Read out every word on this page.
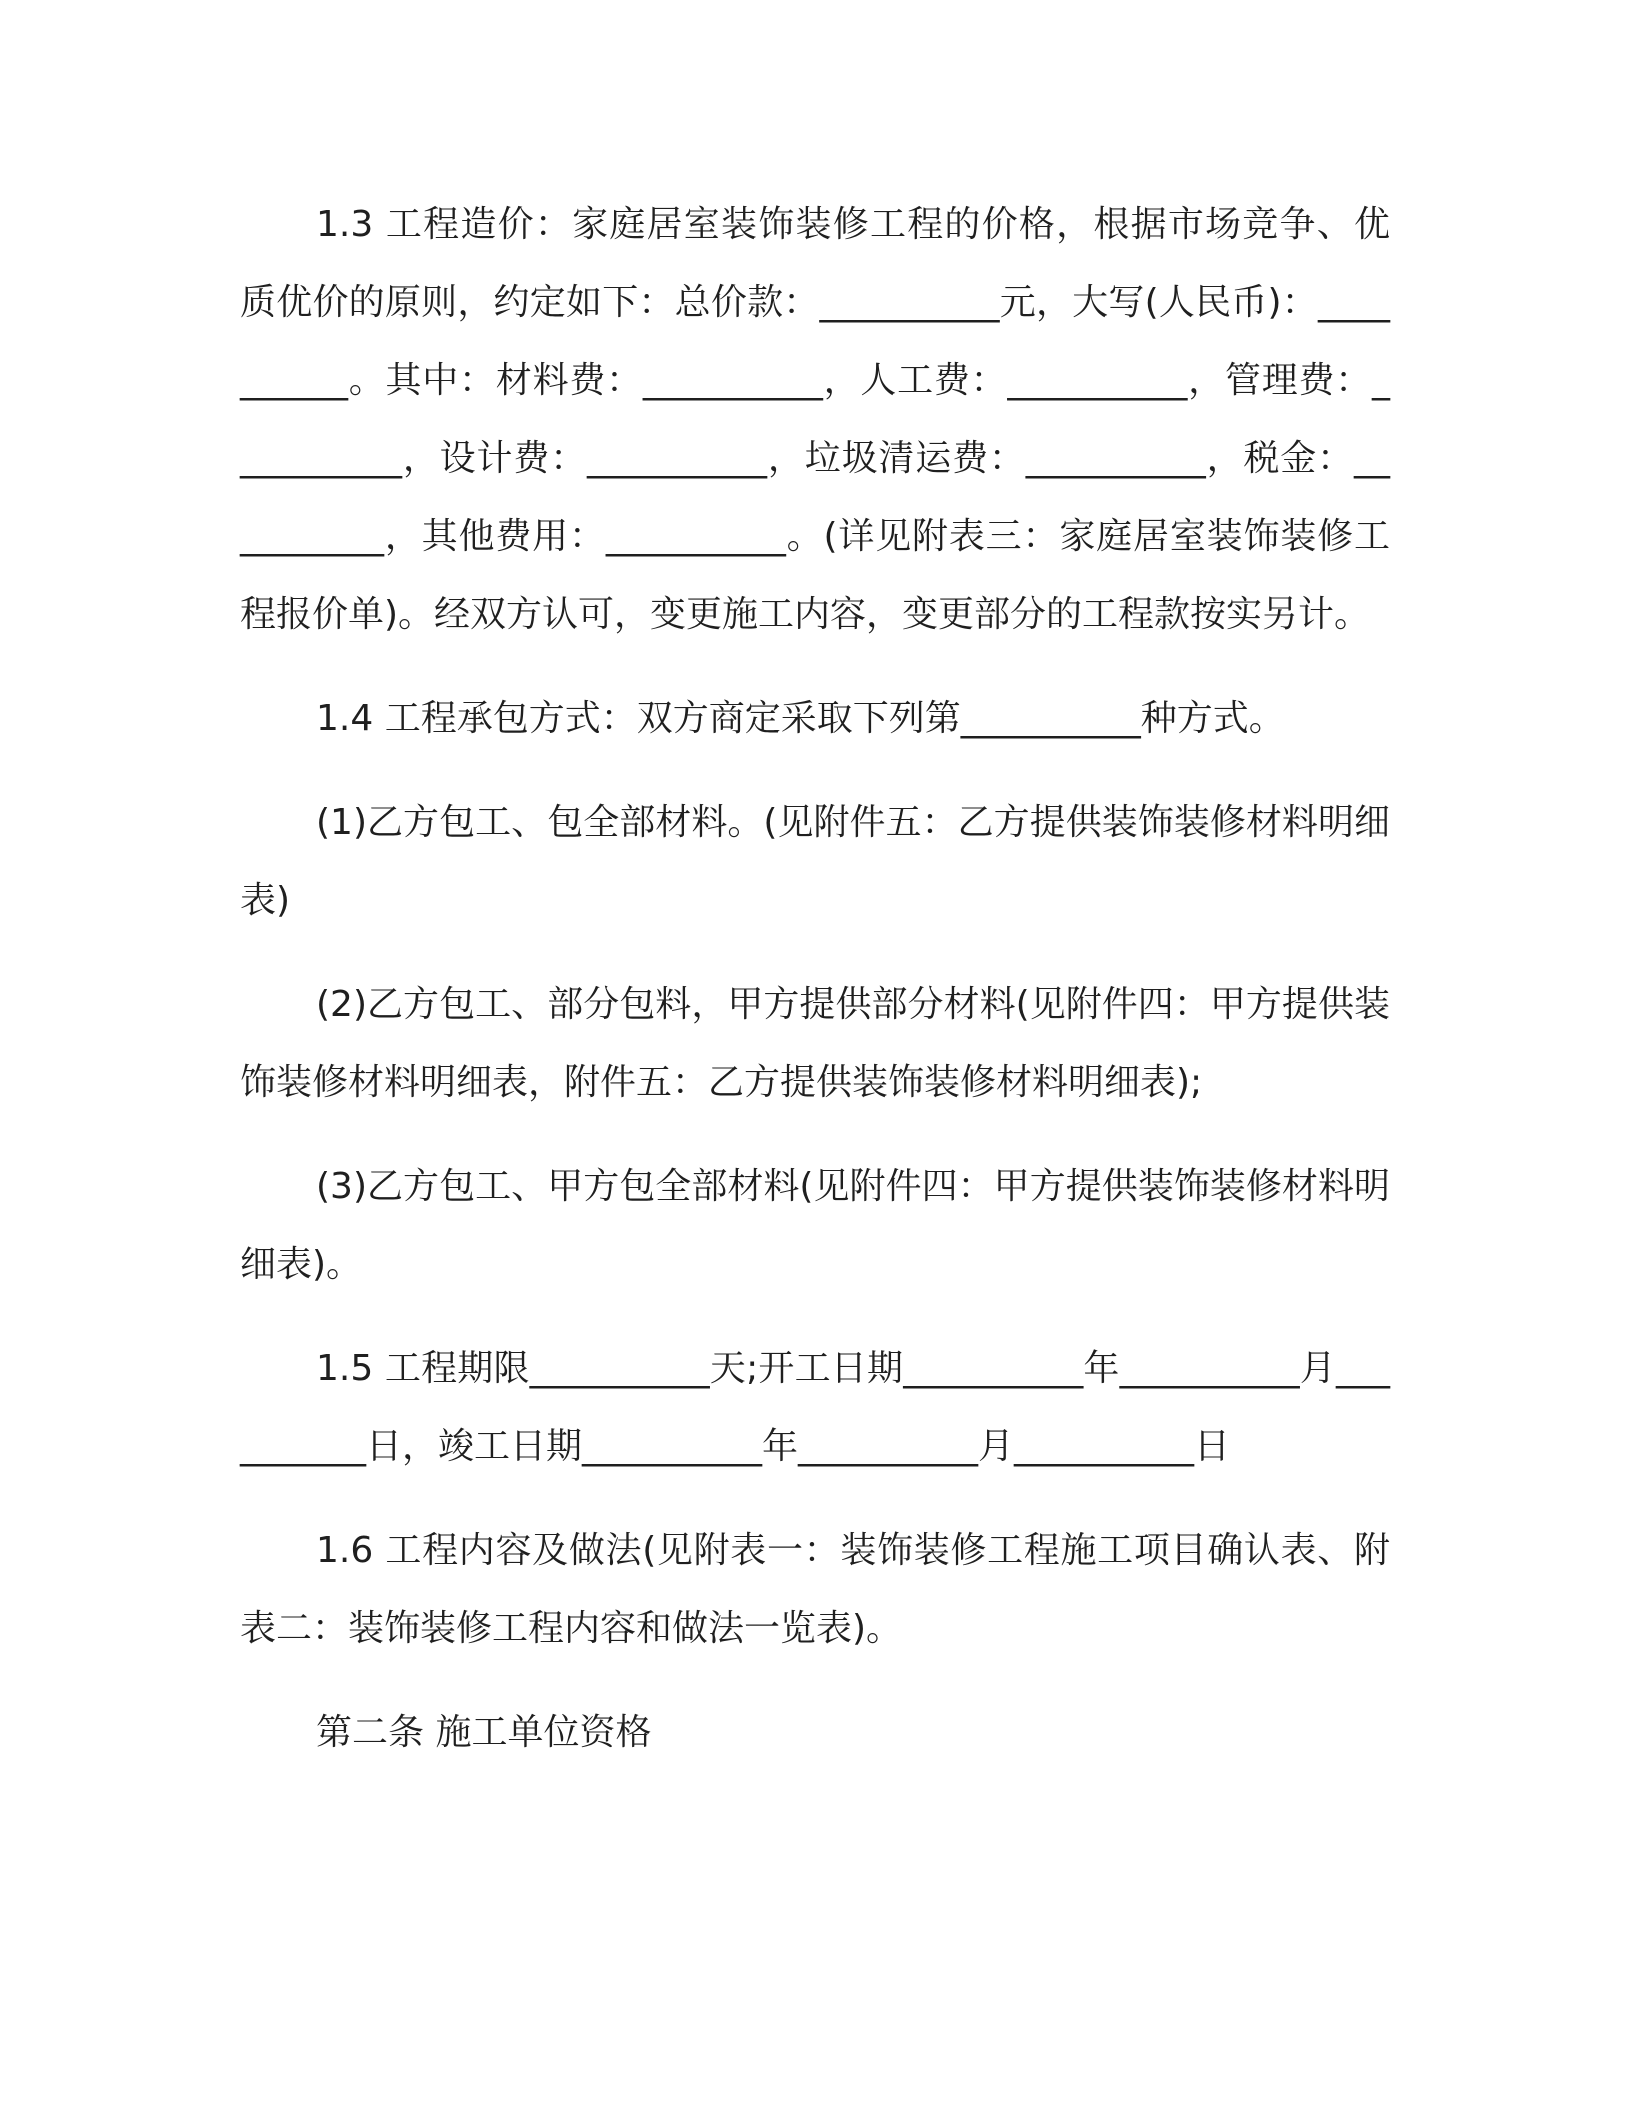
1.3 工程造价：家庭居室装饰装修工程的价格，根据市场竞争、优质优价的原则，约定如下：总价款：__________元，大写(人民币)：__________。其中：材料费：__________，人工费：__________，管理费：__________，设计费：__________，垃圾清运费：__________，税金：__________，其他费用：__________。(详见附表三：家庭居室装饰装修工程报价单)。经双方认可，变更施工内容，变更部分的工程款按实另计。

1.4 工程承包方式：双方商定采取下列第__________种方式。

(1)乙方包工、包全部材料。(见附件五：乙方提供装饰装修材料明细表)

(2)乙方包工、部分包料，甲方提供部分材料(见附件四：甲方提供装饰装修材料明细表，附件五：乙方提供装饰装修材料明细表);

(3)乙方包工、甲方包全部材料(见附件四：甲方提供装饰装修材料明细表)。

1.5 工程期限__________天;开工日期__________年__________月__________日，竣工日期__________年__________月__________日

1.6 工程内容及做法(见附表一：装饰装修工程施工项目确认表、附表二：装饰装修工程内容和做法一览表)。

第二条 施工单位资格
